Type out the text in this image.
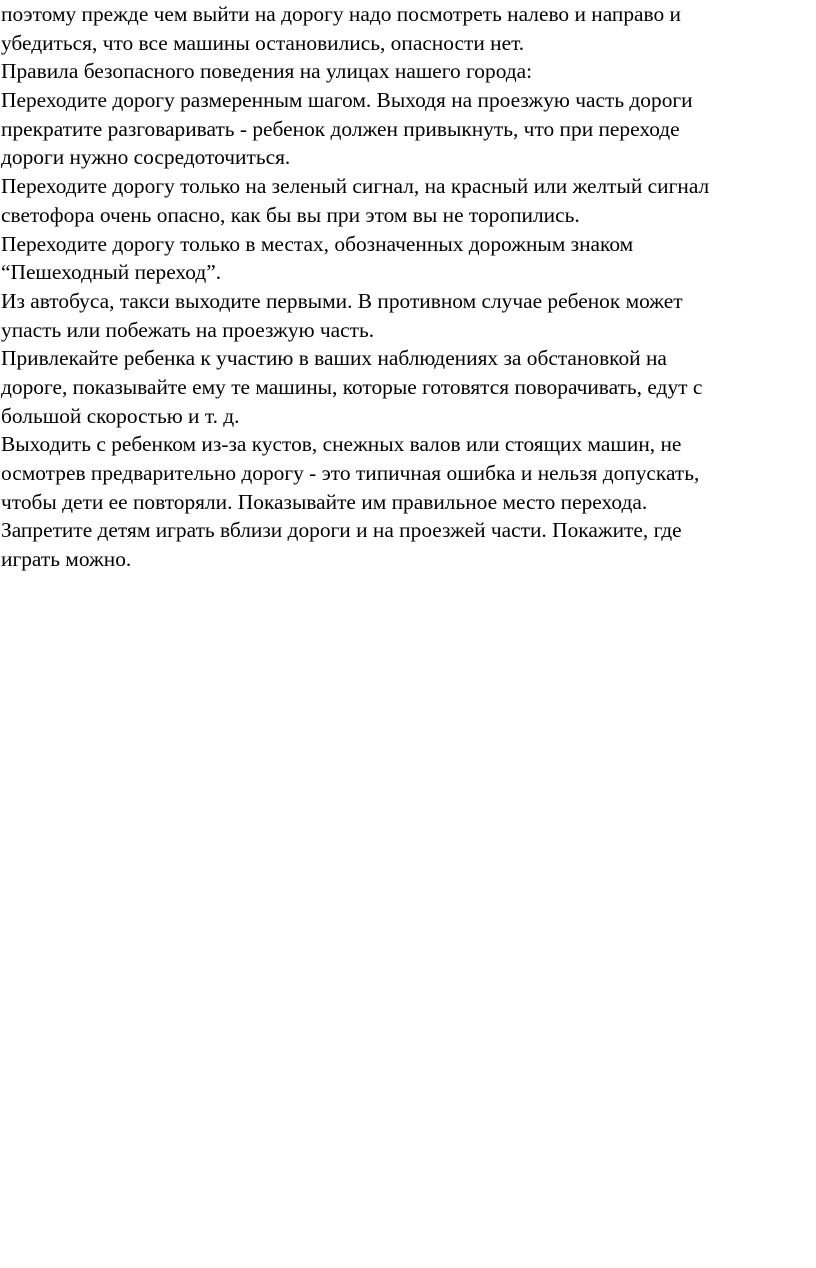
поэтому прежде чем выйти на дорогу надо посмотреть налево и направо и
убедиться, что все машины остановились, опасности нет.
Правила безопасного поведения на улицах нашего города:
Переходите дорогу размеренным шагом. Выходя на проезжую часть дороги
прекратите разговаривать - ребенок должен привыкнуть, что при переходе
дороги нужно сосредоточиться.
Переходите дорогу только на зеленый сигнал, на красный или желтый сигнал
светофора очень опасно, как бы вы при этом вы не торопились.
Переходите дорогу только в местах, обозначенных дорожным знаком
“Пешеходный переход”.
Из автобуса, такси выходите первыми. В противном случае ребенок может
упасть или побежать на проезжую часть.
Привлекайте ребенка к участию в ваших наблюдениях за обстановкой на
дороге, показывайте ему те машины, которые готовятся поворачивать, едут с
большой скоростью и т. д.
Выходить с ребенком из-за кустов, снежных валов или стоящих машин, не
осмотрев предварительно дорогу - это типичная ошибка и нельзя допускать,
чтобы дети ее повторяли. Показывайте им правильное место перехода.
Запретите детям играть вблизи дороги и на проезжей части. Покажите, где
играть можно.
